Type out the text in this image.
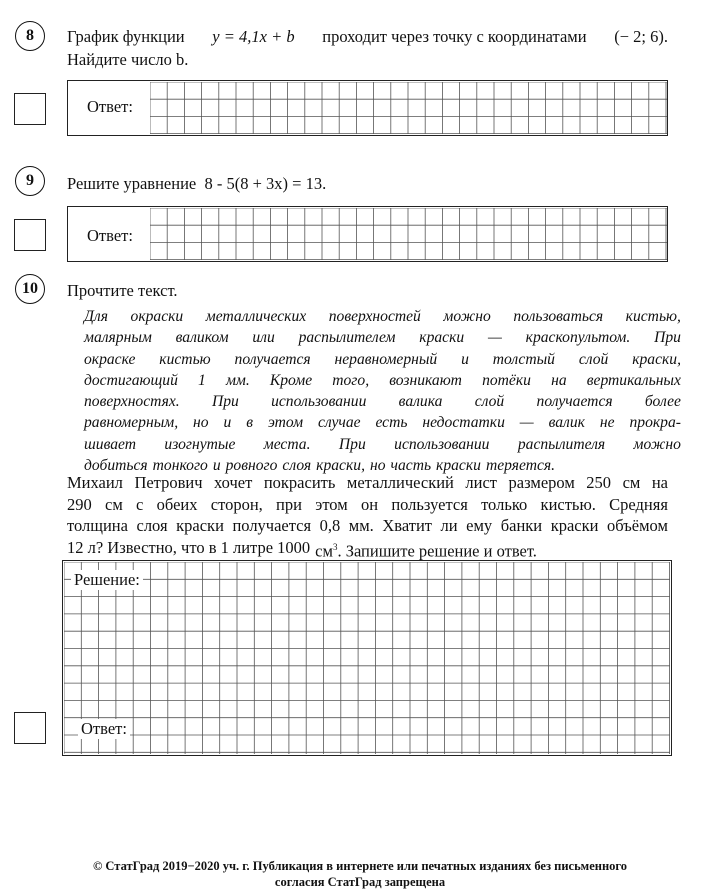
8 График функции y = 4,1x + b проходит через точку с координатами (− 2; 6).
Найдите число b.
Ответ:
9 Решите уравнение 8 - 5(8 + 3x) = 13.
Ответ:
10 Прочтите текст.
Для окраски металлических поверхностей можно пользоваться кистью,
малярным валиком или распылителем краски — краскопультом. При
окраске кистью получается неравномерный и толстый слой краски,
достигающий 1 мм. Кроме того, возникают потёки на вертикальных
поверхностях. При использовании валика слой получается более
равномерным, но и в этом случае есть недостатки — валик не прокра-
шивает изогнутые места. При использовании распылителя можно
добиться тонкого и ровного слоя краски, но часть краски теряется.
Михаил Петрович хочет покрасить металлический лист размером 250 см на
290 см с обеих сторон, при этом он пользуется только кистью. Средняя
толщина слоя краски получается 0,8 мм. Хватит ли ему банки краски объёмом
12 л? Известно, что в 1 литре 1000 $см^3$. Запишите решение и ответ.
Решение:
Ответ:
© СтатГрад 2019−2020 уч. г. Публикация в интернете или печатных изданиях без письменного
согласия СтатГрад запрещена
